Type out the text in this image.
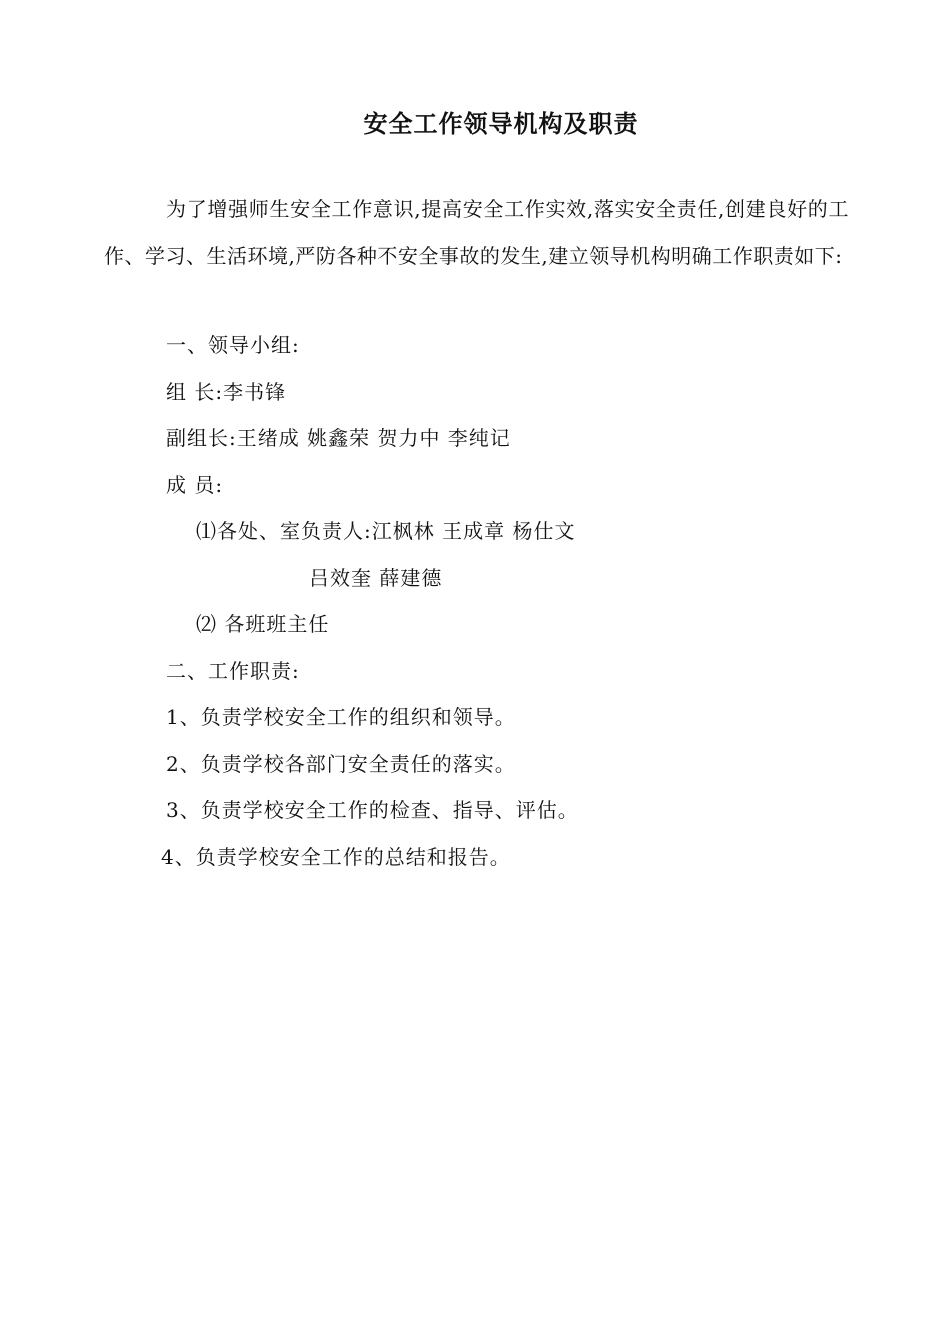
安全工作领导机构及职责
为了增强师生安全工作意识,提高安全工作实效,落实安全责任,创建良好的工作、学习、生活环境,严防各种不安全事故的发生,建立领导机构明确工作职责如下:
一、领导小组:
组 长:李书锋
副组长:王绪成 姚鑫荣 贺力中 李纯记
成 员:
⑴各处、室负责人:江枫林 王成章 杨仕文
吕效奎 薛建德
⑵ 各班班主任
二、工作职责:
1、负责学校安全工作的组织和领导。
2、负责学校各部门安全责任的落实。
3、负责学校安全工作的检查、指导、评估。
4、负责学校安全工作的总结和报告。
